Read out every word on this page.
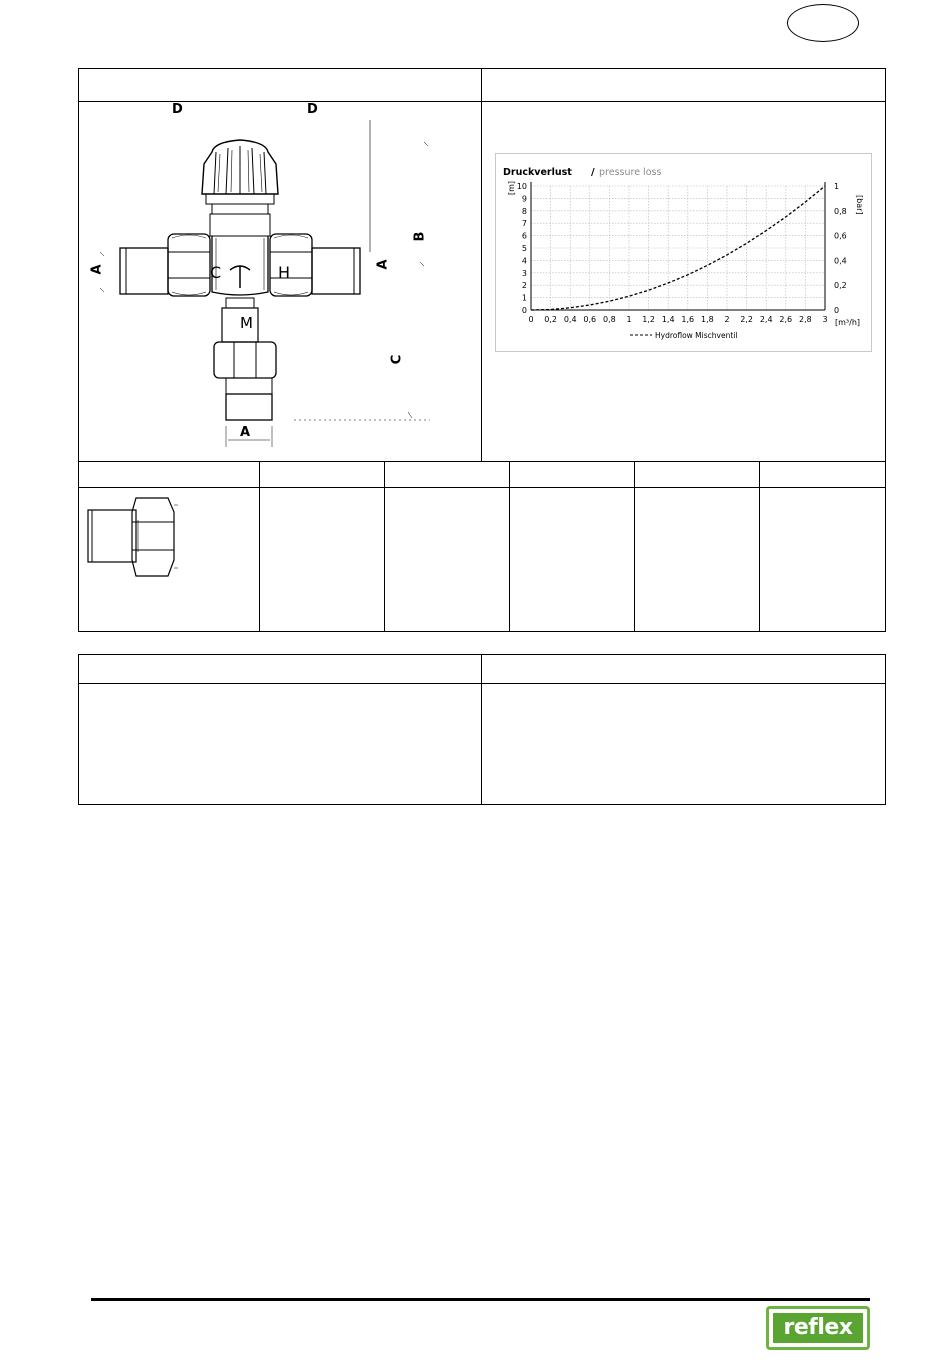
C	H
M
D	D
A	A
B
C
A
0 0,2 0,4 0,6 0,8 1 1,2 1,4 1,6 1,8 2 2,2 2,4 2,6 2,8 3
0
1
2
3
4
5
6
7
8
9
10
0
0,2
0,4
0,6
0,8
1
Druckverlust / pressure loss
[m]
[bar]
[m³/h]
Hydroflow Mischventil
reflex
